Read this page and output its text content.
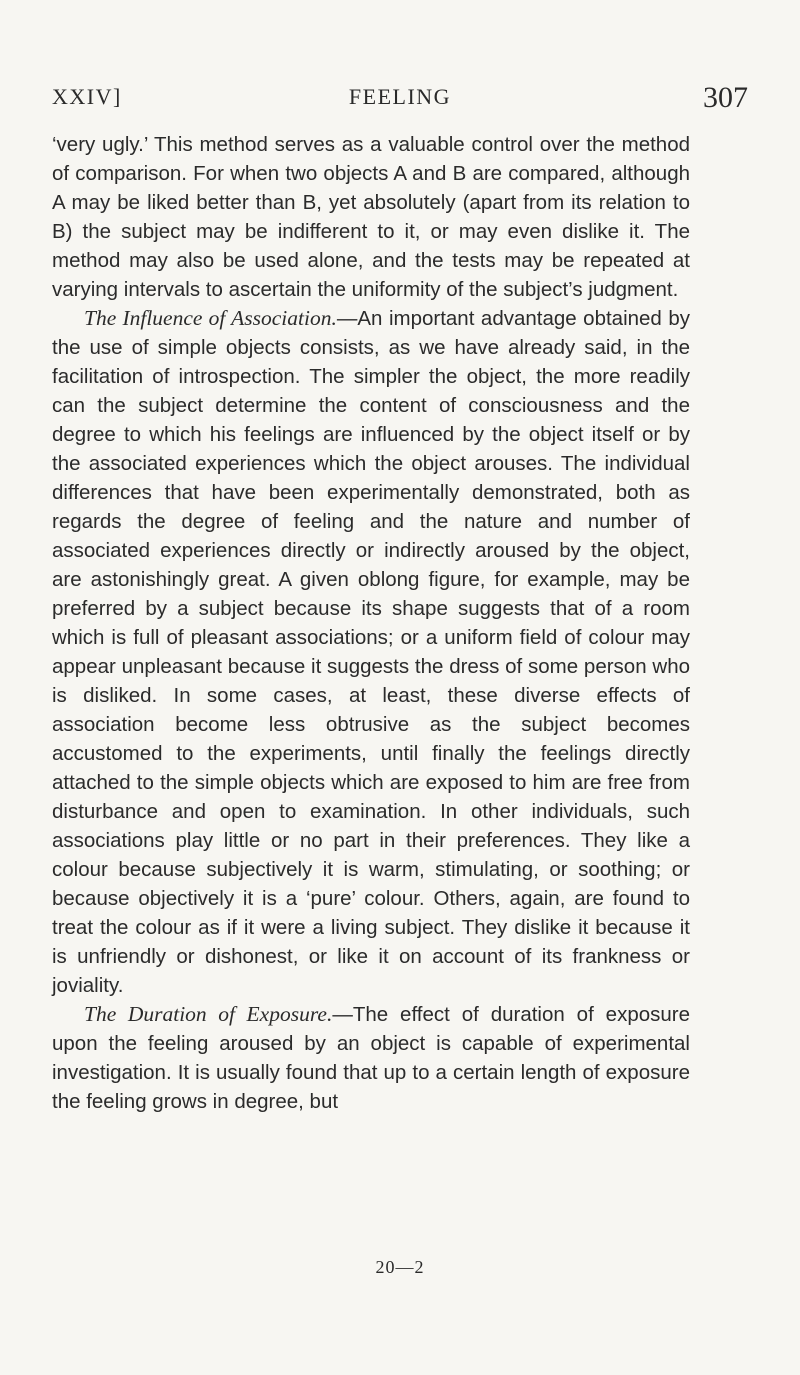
XXIV]	FEELING	307

‘very ugly.’ This method serves as a valuable control over the method of comparison. For when two objects A and B are compared, although A may be liked better than B, yet absolutely (apart from its relation to B) the subject may be indifferent to it, or may even dislike it. The method may also be used alone, and the tests may be repeated at varying intervals to ascertain the uniformity of the subject’s judgment.

The Influence of Association.—An important advantage obtained by the use of simple objects consists, as we have already said, in the facilitation of introspection. The simpler the object, the more readily can the subject determine the content of consciousness and the degree to which his feelings are influenced by the object itself or by the associated experiences which the object arouses. The individual differences that have been experimentally demonstrated, both as regards the degree of feeling and the nature and number of associated experiences directly or indirectly aroused by the object, are astonishingly great. A given oblong figure, for example, may be preferred by a subject because its shape suggests that of a room which is full of pleasant associations; or a uniform field of colour may appear unpleasant because it suggests the dress of some person who is disliked. In some cases, at least, these diverse effects of association become less obtrusive as the subject becomes accustomed to the experiments, until finally the feelings directly attached to the simple objects which are exposed to him are free from disturbance and open to examination. In other individuals, such associations play little or no part in their preferences. They like a colour because subjectively it is warm, stimulating, or soothing; or because objectively it is a ‘pure’ colour. Others, again, are found to treat the colour as if it were a living subject. They dislike it because it is unfriendly or dishonest, or like it on account of its frankness or joviality.

The Duration of Exposure.—The effect of duration of exposure upon the feeling aroused by an object is capable of experimental investigation. It is usually found that up to a certain length of exposure the feeling grows in degree, but

20—2
